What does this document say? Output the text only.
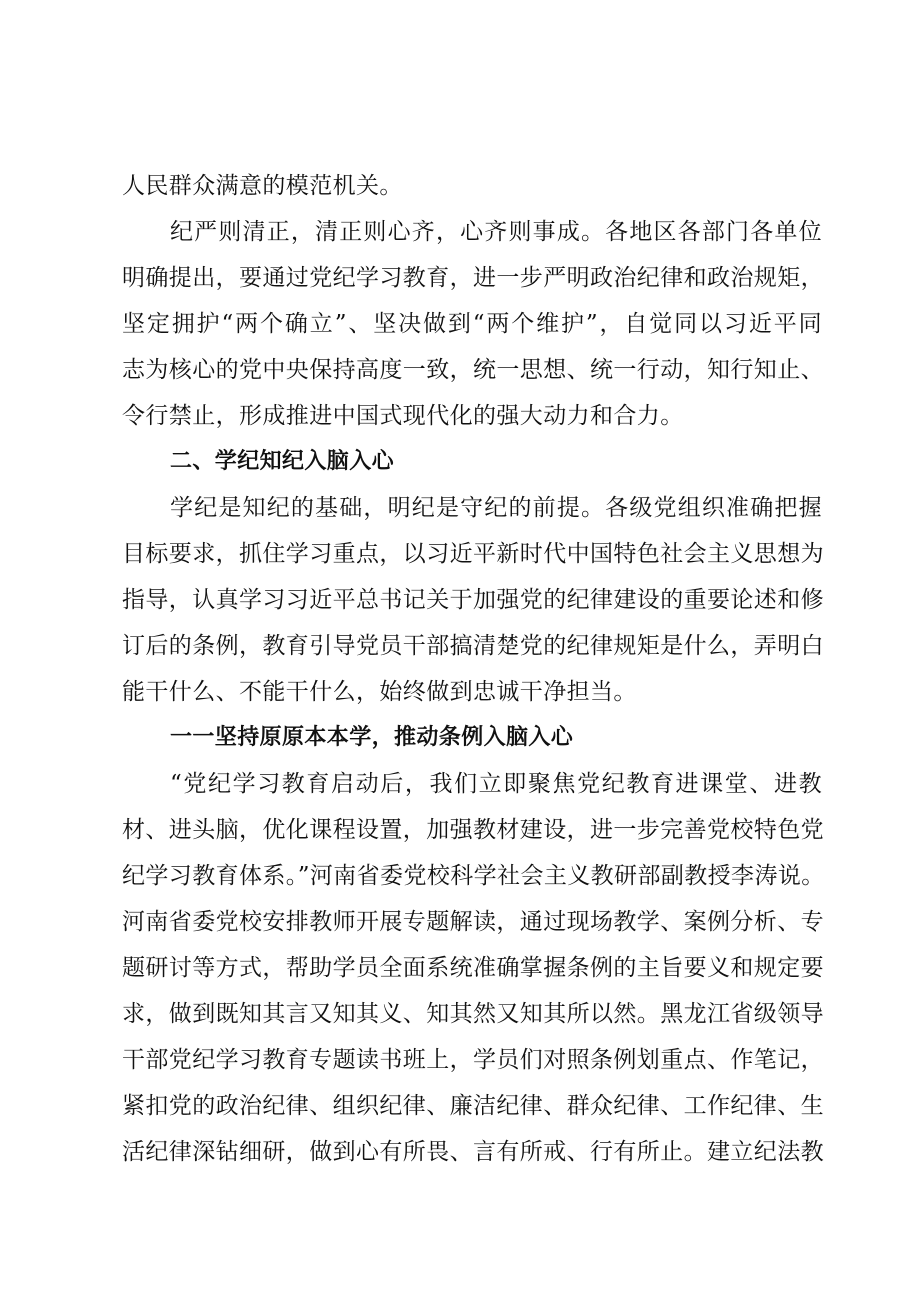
人民群众满意的模范机关。
纪严则清正，清正则心齐，心齐则事成。各地区各部门各单位
明确提出，要通过党纪学习教育，进一步严明政治纪律和政治规矩，
坚定拥护“两个确立”、坚决做到“两个维护”，自觉同以习近平同
志为核心的党中央保持高度一致，统一思想、统一行动，知行知止、
令行禁止，形成推进中国式现代化的强大动力和合力。
二、学纪知纪入脑入心
学纪是知纪的基础，明纪是守纪的前提。各级党组织准确把握
目标要求，抓住学习重点，以习近平新时代中国特色社会主义思想为
指导，认真学习习近平总书记关于加强党的纪律建设的重要论述和修
订后的条例，教育引导党员干部搞清楚党的纪律规矩是什么，弄明白
能干什么、不能干什么，始终做到忠诚干净担当。
一一坚持原原本本学，推动条例入脑入心
“党纪学习教育启动后，我们立即聚焦党纪教育进课堂、进教
材、进头脑，优化课程设置，加强教材建设，进一步完善党校特色党
纪学习教育体系。”河南省委党校科学社会主义教研部副教授李涛说。
河南省委党校安排教师开展专题解读，通过现场教学、案例分析、专
题研讨等方式，帮助学员全面系统准确掌握条例的主旨要义和规定要
求，做到既知其言又知其义、知其然又知其所以然。黑龙江省级领导
干部党纪学习教育专题读书班上，学员们对照条例划重点、作笔记，
紧扣党的政治纪律、组织纪律、廉洁纪律、群众纪律、工作纪律、生
活纪律深钻细研，做到心有所畏、言有所戒、行有所止。建立纪法教
